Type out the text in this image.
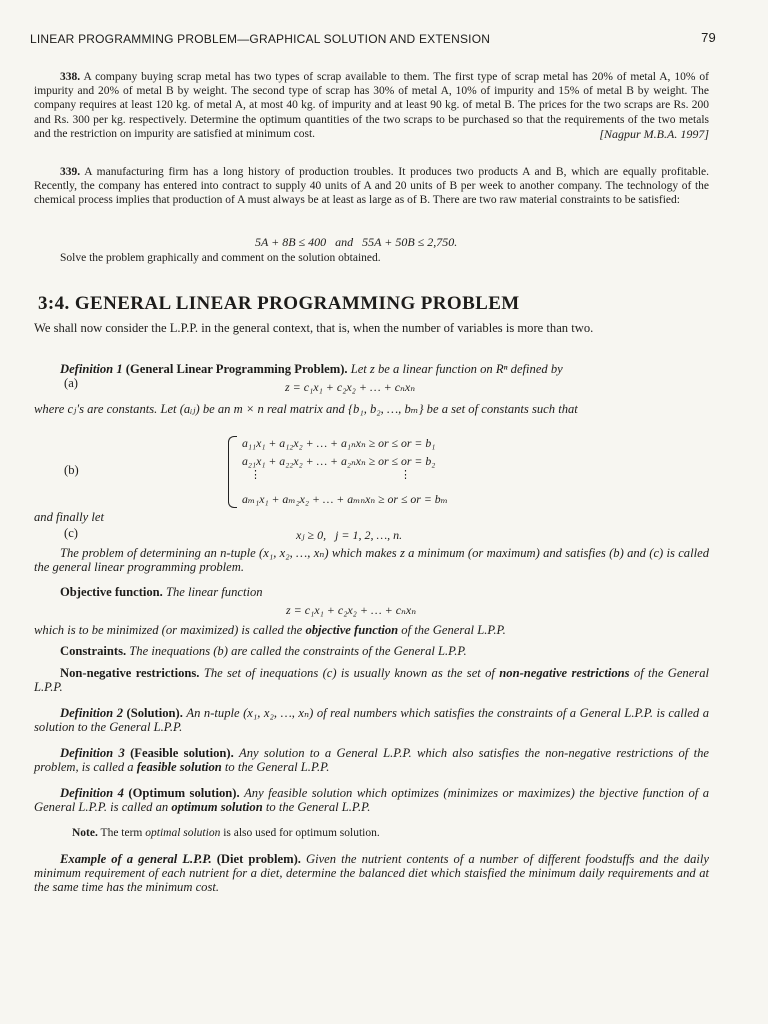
LINEAR PROGRAMMING PROBLEM—GRAPHICAL SOLUTION AND EXTENSION	79
338. A company buying scrap metal has two types of scrap available to them. The first type of scrap metal has 20% of metal A, 10% of impurity and 20% of metal B by weight. The second type of scrap has 30% of metal A, 10% of impurity and 15% of metal B by weight. The company requires at least 120 kg. of metal A, at most 40 kg. of impurity and at least 90 kg. of metal B. The prices for the two scraps are Rs. 200 and Rs. 300 per kg. respectively. Determine the optimum quantities of the two scraps to be purchased so that the requirements of the two metals and the restriction on impurity are satisfied at minimum cost.	[Nagpur M.B.A. 1997]
339. A manufacturing firm has a long history of production troubles. It produces two products A and B, which are equally profitable. Recently, the company has entered into contract to supply 40 units of A and 20 units of B per week to another company. The technology of the chemical process implies that production of A must always be at least as large as of B. There are two raw material constraints to be satisfied:
5A + 8B ≤ 400   and   55A + 50B ≤ 2,750.
Solve the problem graphically and comment on the solution obtained.
3:4. GENERAL LINEAR PROGRAMMING PROBLEM
We shall now consider the L.P.P. in the general context, that is, when the number of variables is more than two.
Definition 1 (General Linear Programming Problem). Let z be a linear function on Rⁿ defined by
(a)	z = c₁x₁ + c₂x₂ + … + cₙxₙ
where cⱼ's are constants. Let (aᵢⱼ) be an m × n real matrix and {b₁, b₂, …, bₘ} be a set of constants such that
(b)
a₁₁x₁ + a₁₂x₂ + … + a₁ₙxₙ ≥ or ≤ or = b₁
a₂₁x₁ + a₂₂x₂ + … + a₂ₙxₙ ≥ or ≤ or = b₂
⋮	⋮
aₘ₁x₁ + aₘ₂x₂ + … + aₘₙxₙ ≥ or ≤ or = bₘ
and finally let
(c)	xⱼ ≥ 0,   j = 1, 2, …, n.
The problem of determining an n-tuple (x₁, x₂, …, xₙ) which makes z a minimum (or maximum) and satisfies (b) and (c) is called the general linear programming problem.
Objective function. The linear function
z = c₁x₁ + c₂x₂ + … + cₙxₙ
which is to be minimized (or maximized) is called the objective function of the General L.P.P.
Constraints. The inequations (b) are called the constraints of the General L.P.P.
Non-negative restrictions. The set of inequations (c) is usually known as the set of non-negative restrictions of the General L.P.P.
Definition 2 (Solution). An n-tuple (x₁, x₂, …, xₙ) of real numbers which satisfies the constraints of a General L.P.P. is called a solution to the General L.P.P.
Definition 3 (Feasible solution). Any solution to a General L.P.P. which also satisfies the non-negative restrictions of the problem, is called a feasible solution to the General L.P.P.
Definition 4 (Optimum solution). Any feasible solution which optimizes (minimizes or maximizes) the bjective function of a General L.P.P. is called an optimum solution to the General L.P.P.
Note. The term optimal solution is also used for optimum solution.
Example of a general L.P.P. (Diet problem). Given the nutrient contents of a number of different foodstuffs and the daily minimum requirement of each nutrient for a diet, determine the balanced diet which staisfied the minimum daily requirements and at the same time has the minimum cost.
